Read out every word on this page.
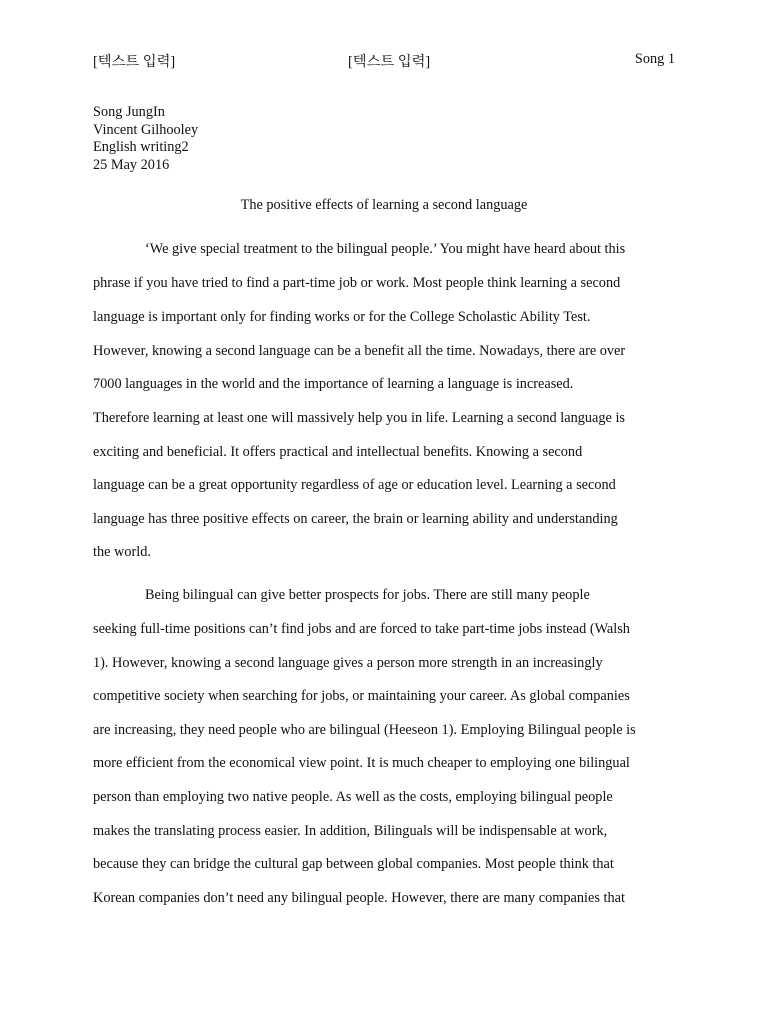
[텍스트 입력]	[텍스트 입력]	Song 1
Song JungIn
Vincent Gilhooley
English writing2
25 May 2016
The positive effects of learning a second language
‘We give special treatment to the bilingual people.’ You might have heard about this
phrase if you have tried to find a part-time job or work. Most people think learning a second
language is important only for finding works or for the College Scholastic Ability Test.
However, knowing a second language can be a benefit all the time. Nowadays, there are over
7000 languages in the world and the importance of learning a language is increased.
Therefore learning at least one will massively help you in life. Learning a second language is
exciting and beneficial. It offers practical and intellectual benefits. Knowing a second
language can be a great opportunity regardless of age or education level. Learning a second
language has three positive effects on career, the brain or learning ability and understanding
the world.
Being bilingual can give better prospects for jobs. There are still many people
seeking full-time positions can’t find jobs and are forced to take part-time jobs instead (Walsh
1). However, knowing a second language gives a person more strength in an increasingly
competitive society when searching for jobs, or maintaining your career. As global companies
are increasing, they need people who are bilingual (Heeseon 1). Employing Bilingual people is
more efficient from the economical view point. It is much cheaper to employing one bilingual
person than employing two native people. As well as the costs, employing bilingual people
makes the translating process easier. In addition, Bilinguals will be indispensable at work,
because they can bridge the cultural gap between global companies. Most people think that
Korean companies don’t need any bilingual people. However, there are many companies that
